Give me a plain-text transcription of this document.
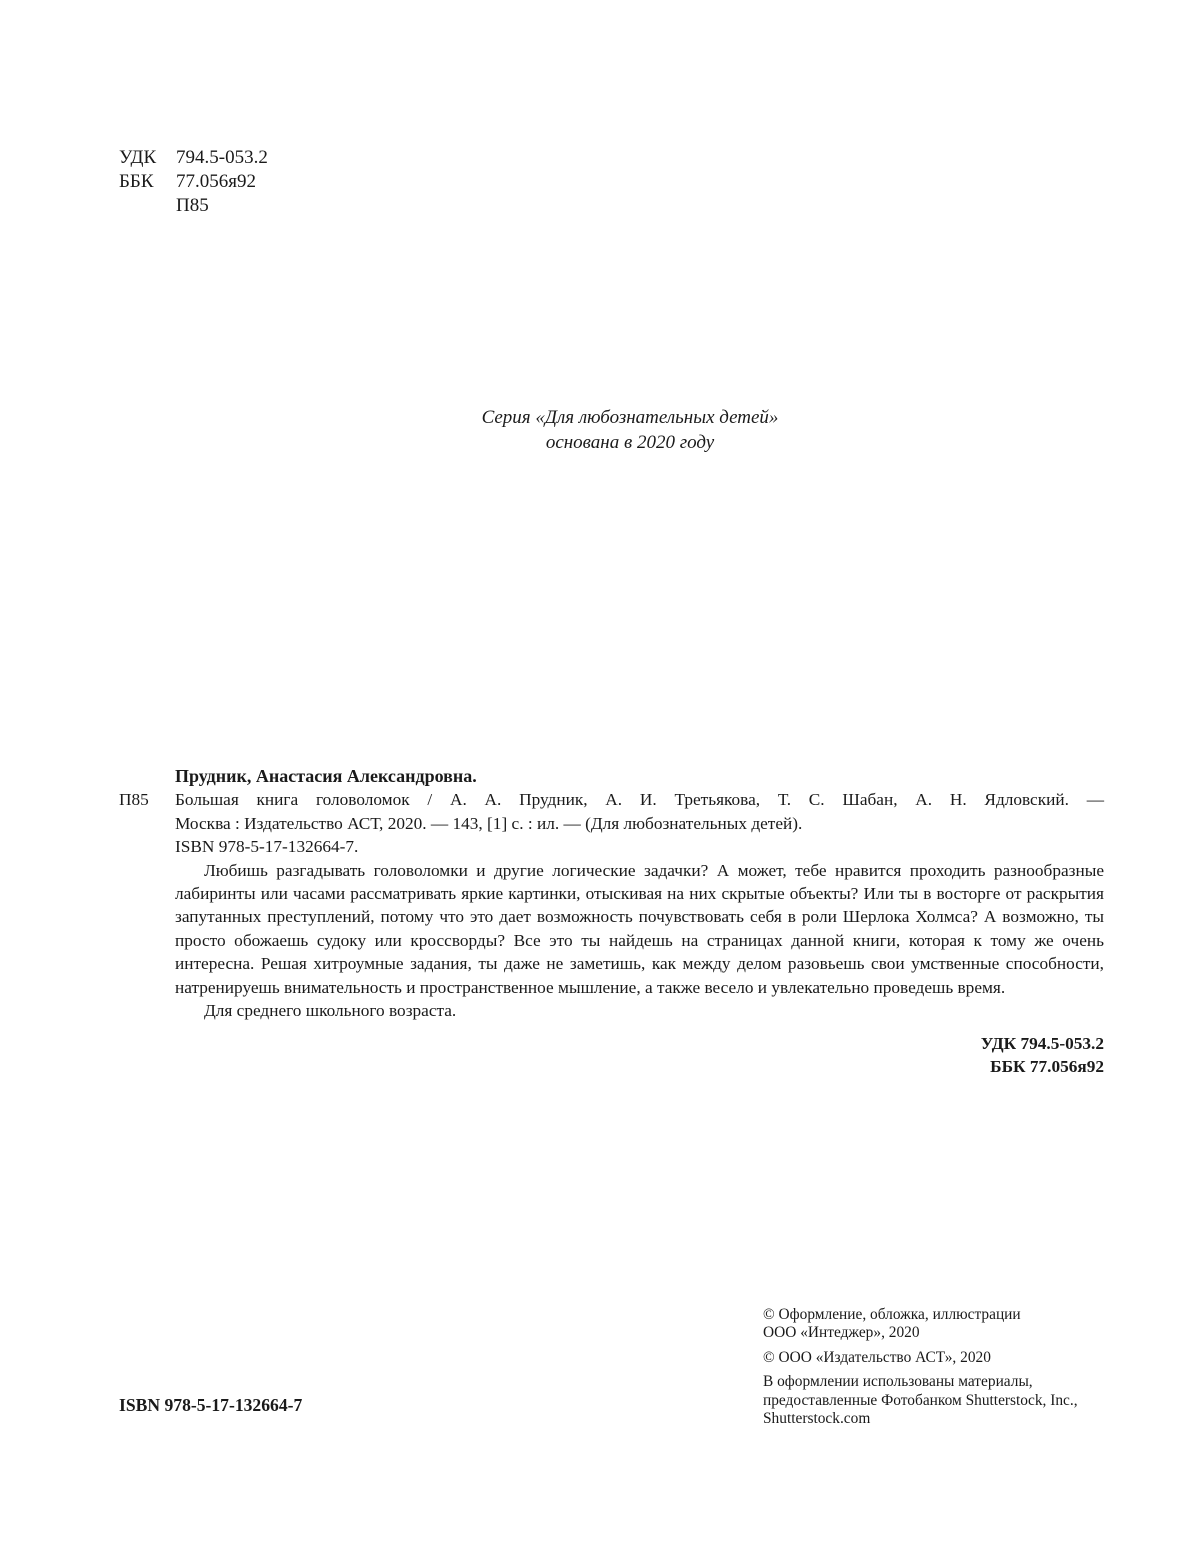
УДК	794.5-053.2
ББК	77.056я92
П85
Серия «Для любознательных детей»
основана в 2020 году
Прудник, Анастасия Александровна.
П85	Большая книга головоломок / А. А. Прудник, А. И. Третьякова, Т. С. Шабан, А. Н. Ядловский. —
Москва : Издательство АСТ, 2020. — 143, [1] с. : ил. — (Для любознательных детей).
ISBN 978-5-17-132664-7.

Любишь разгадывать головоломки и другие логические задачки? А может, тебе нравится проходить разнообразные лабиринты или часами рассматривать яркие картинки, отыскивая на них скрытые объекты? Или ты в восторге от раскрытия запутанных преступлений, потому что это дает возможность почувствовать себя в роли Шерлока Холмса? А возможно, ты просто обожаешь судоку или кроссворды? Все это ты найдешь на страницах данной книги, которая к тому же очень интересна. Решая хитроумные задания, ты даже не заметишь, как между делом разовьешь свои умственные способности, натренируешь внимательность и пространственное мышление, а также весело и увлекательно проведешь время.

Для среднего школьного возраста.
УДК 794.5-053.2
ББК 77.056я92
© Оформление, обложка, иллюстрации
ООО «Интеджер», 2020
© ООО «Издательство АСТ», 2020
В оформлении использованы материалы,
предоставленные Фотобанком Shutterstock, Inc.,
Shutterstock.com
ISBN 978-5-17-132664-7
